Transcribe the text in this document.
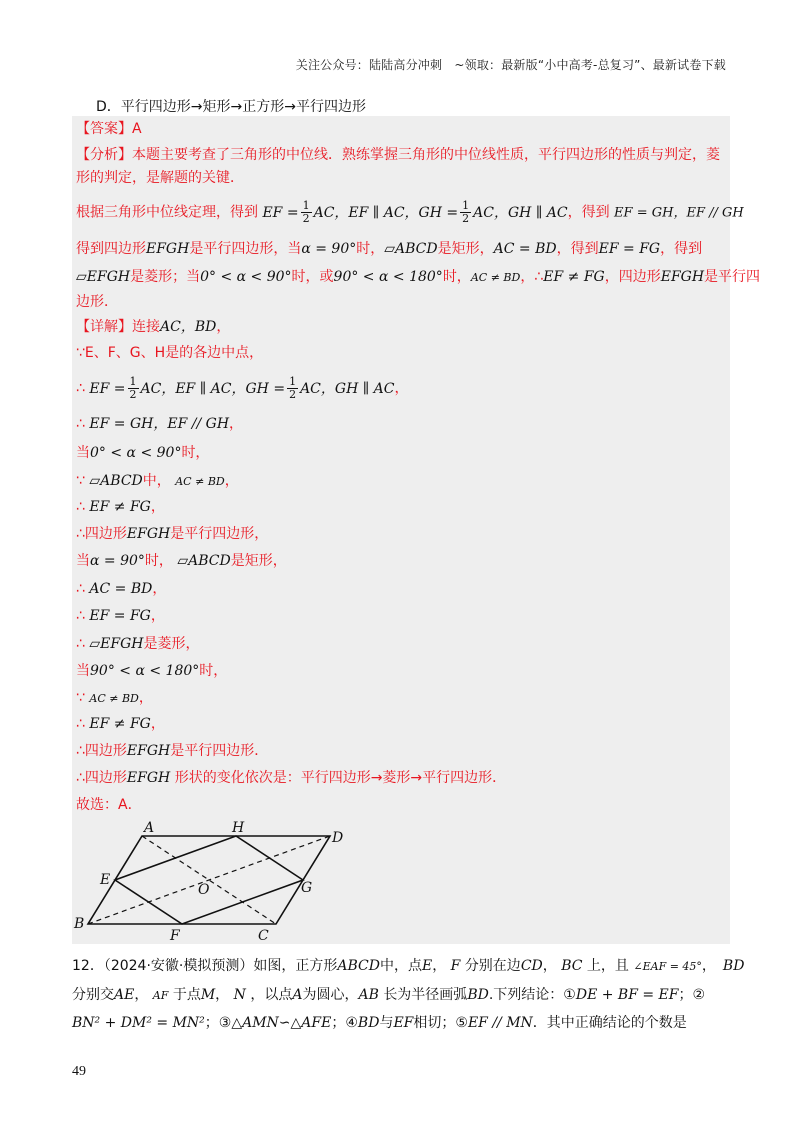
关注公众号：陆陆高分冲刺　~领取：最新版“小中高考-总复习”、最新试卷下载
D．平行四边形→矩形→正方形→平行四边形
【答案】A
【分析】本题主要考查了三角形的中位线．熟练掌握三角形的中位线性质，平行四边形的性质与判定，菱
形的判定，是解题的关键．
根据三角形中位线定理，得到 EF = $\frac{1}{2}$ AC，EF ∥ AC，GH = $\frac{1}{2}$ AC，GH ∥ AC，得到 EF = GH，EF // GH
得到四边形EFGH是平行四边形，当α = 90°时，▱ABCD是矩形，AC = BD，得到EF = FG，得到
▱EFGH是菱形；当0° < α < 90°时，或90° < α < 180°时，AC ≠ BD，∴EF ≠ FG，四边形EFGH是平行四
边形．
【详解】连接AC，BD，
∵E、F、G、H是的各边中点，
∴ EF = $\frac{1}{2}$ AC，EF ∥ AC，GH = $\frac{1}{2}$ AC，GH ∥ AC，
∴ EF = GH，EF // GH，
当0° < α < 90°时，
∵ ▱ABCD中， AC ≠ BD，
∴ EF ≠ FG，
∴四边形EFGH是平行四边形，
当α = 90°时， ▱ABCD是矩形，
∴ AC = BD，
∴ EF = FG，
∴ ▱EFGH是菱形，
当90° < α < 180°时，
∵ AC ≠ BD，
∴ EF ≠ FG，
∴四边形EFGH是平行四边形．
∴四边形EFGH 形状的变化依次是：平行四边形→菱形→平行四边形．
故选：A．
A	H
D
E
O	G
B
F	C
12．（2024·安徽·模拟预测）如图，正方形ABCD中，点E， F 分别在边CD， BC 上，且 ∠EAF = 45°，　 BD
分别交AE， AF 于点M， N ，以点A为圆心，AB 长为半径画弧BD.下列结论：①DE + BF = EF；②
BN² + DM² = MN²；③△AMN∽△AFE；④BD与EF相切；⑤EF // MN．其中正确结论的个数是
49
